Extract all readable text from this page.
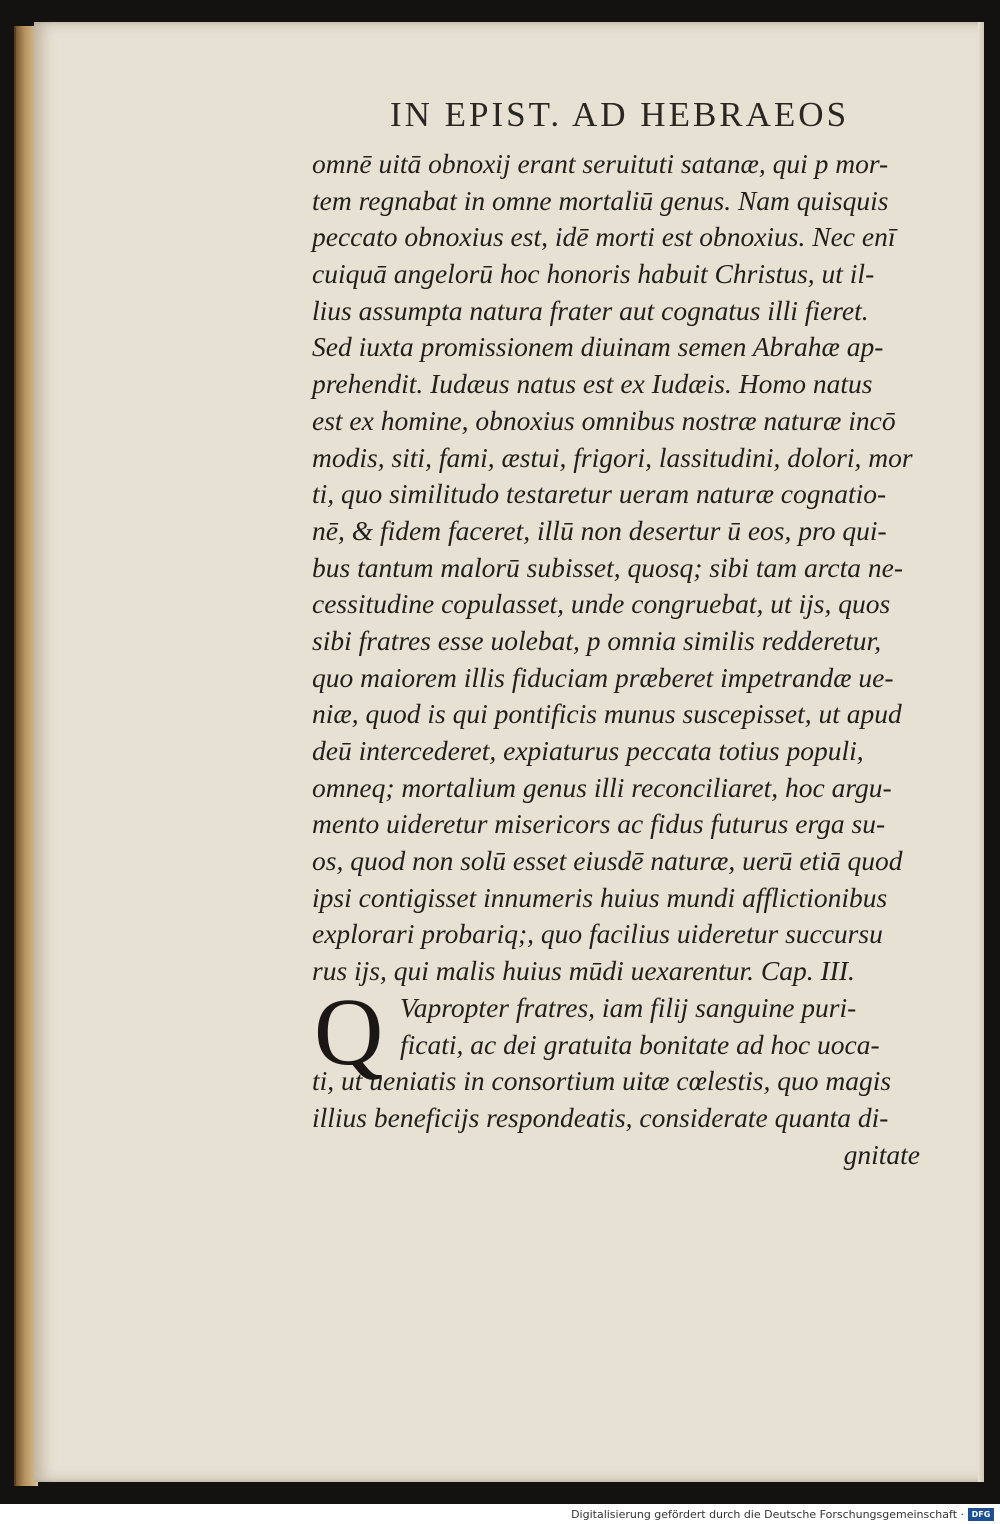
IN EPIST. AD HEBRAEOS
omnē uitā obnoxij erant seruituti satanæ, qui p mor-
tem regnabat in omne mortaliū genus. Nam quisquis
peccato obnoxius est, idē morti est obnoxius. Nec enī
cuiquā angelorū hoc honoris habuit Christus, ut il-
lius assumpta natura frater aut cognatus illi fieret.
Sed iuxta promissionem diuinam semen Abrahæ ap-
prehendit. Iudæus natus est ex Iudæis. Homo natus
est ex homine, obnoxius omnibus nostræ naturæ incō
modis, siti, fami, æstui, frigori, lassitudini, dolori, mor
ti, quo similitudo testaretur ueram naturæ cognatio-
nē, & fidem faceret, illū non desertur ū eos, pro qui-
bus tantum malorū subisset, quosq; sibi tam arcta ne-
cessitudine copulasset, unde congruebat, ut ijs, quos
sibi fratres esse uolebat, p omnia similis redderetur,
quo maiorem illis fiduciam præberet impetrandæ ue-
niæ, quod is qui pontificis munus suscepisset, ut apud
deū intercederet, expiaturus peccata totius populi,
omneq; mortalium genus illi reconciliaret, hoc argu-
mento uideretur misericors ac fidus futurus erga su-
os, quod non solū esset eiusdē naturæ, uerū etiā quod
ipsi contigisset innumeris huius mundi afflictionibus
explorari probariq;, quo facilius uideretur succursu
rus ijs, qui malis huius mūdi uexarentur. Cap. III.
Q Vapropter fratres, iam filij sanguine puri-
ficati, ac dei gratuita bonitate ad hoc uoca-
ti, ut ueniatis in consortium uitæ cœlestis, quo magis
illius beneficijs respondeatis, considerate quanta di-
gnitate
Digitalisierung gefördert durch die Deutsche Forschungsgemeinschaft · DFG
